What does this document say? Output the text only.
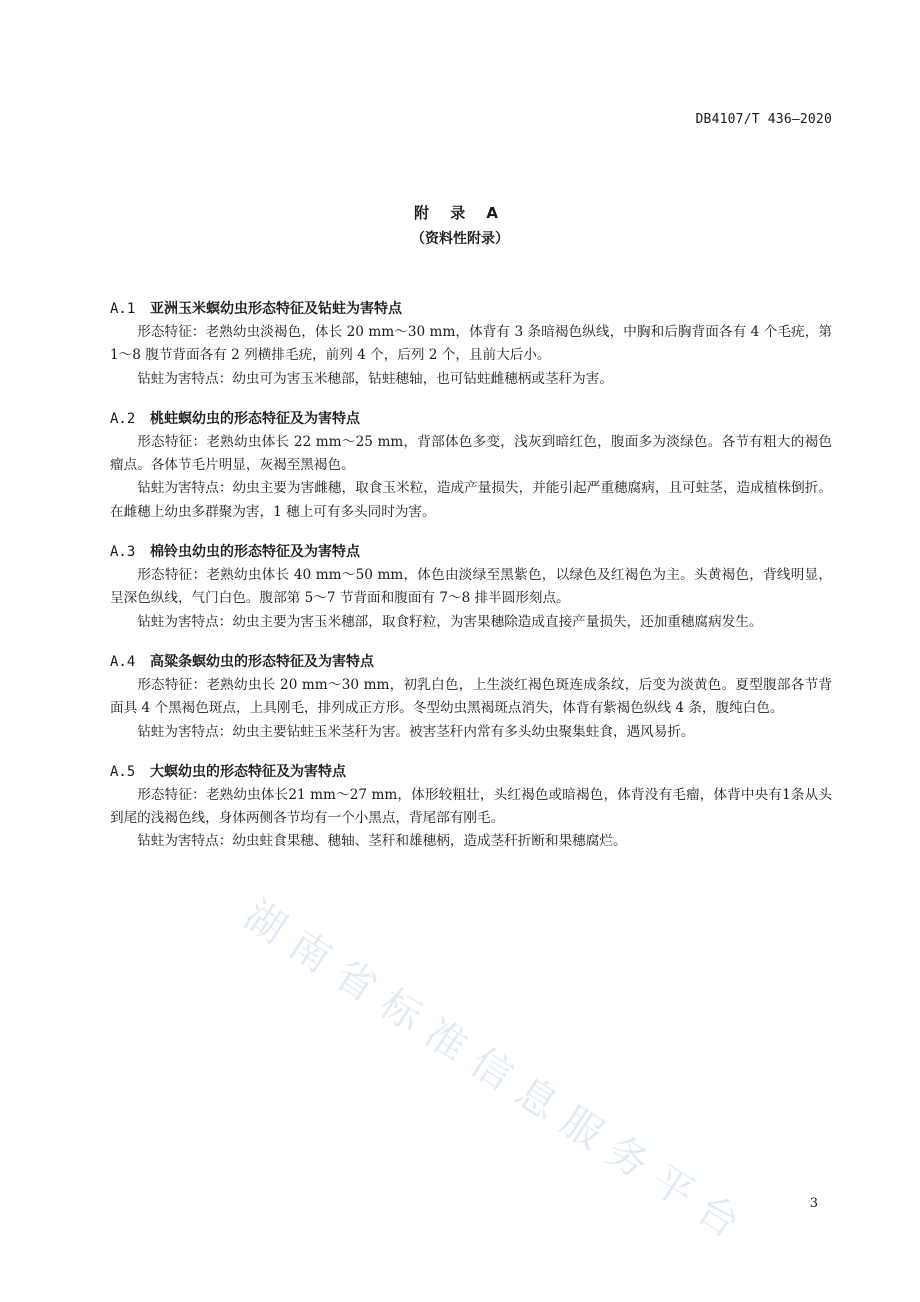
DB4107/T 436—2020
附 录 A
（资料性附录）
A.1 亚洲玉米螟幼虫形态特征及钻蛀为害特点

形态特征：老熟幼虫淡褐色，体长 20 mm～30 mm，体背有 3 条暗褐色纵线，中胸和后胸背面各有 4 个毛疣，第 1～8 腹节背面各有 2 列横排毛疣，前列 4 个，后列 2 个，且前大后小。

钻蛀为害特点：幼虫可为害玉米穗部，钻蛀穗轴，也可钻蛀雌穗柄或茎秆为害。

A.2 桃蛀螟幼虫的形态特征及为害特点

形态特征：老熟幼虫体长 22 mm～25 mm，背部体色多变，浅灰到暗红色，腹面多为淡绿色。各节有粗大的褐色瘤点。各体节毛片明显，灰褐至黑褐色。

钻蛀为害特点：幼虫主要为害雌穗，取食玉米粒，造成产量损失，并能引起严重穗腐病，且可蛀茎，造成植株倒折。在雌穗上幼虫多群聚为害，1 穗上可有多头同时为害。

A.3 棉铃虫幼虫的形态特征及为害特点

形态特征：老熟幼虫体长 40 mm～50 mm，体色由淡绿至黑紫色，以绿色及红褐色为主。头黄褐色，背线明显，呈深色纵线，气门白色。腹部第 5～7 节背面和腹面有 7～8 排半圆形刻点。

钻蛀为害特点：幼虫主要为害玉米穗部，取食籽粒，为害果穗除造成直接产量损失，还加重穗腐病发生。

A.4 高粱条螟幼虫的形态特征及为害特点

形态特征：老熟幼虫长 20 mm～30 mm，初乳白色，上生淡红褐色斑连成条纹，后变为淡黄色。夏型腹部各节背面具 4 个黑褐色斑点，上具刚毛，排列成正方形。冬型幼虫黑褐斑点消失，体背有紫褐色纵线 4 条，腹纯白色。

钻蛀为害特点：幼虫主要钻蛀玉米茎秆为害。被害茎秆内常有多头幼虫聚集蛀食，遇风易折。

A.5 大螟幼虫的形态特征及为害特点

形态特征：老熟幼虫体长21 mm～27 mm，体形较粗壮，头红褐色或暗褐色，体背没有毛瘤，体背中央有1条从头到尾的浅褐色线，身体两侧各节均有一个小黑点，背尾部有刚毛。

钻蛀为害特点：幼虫蛀食果穗、穗轴、茎秆和雄穗柄，造成茎秆折断和果穗腐烂。

湖南省标准信息服务平台	3
